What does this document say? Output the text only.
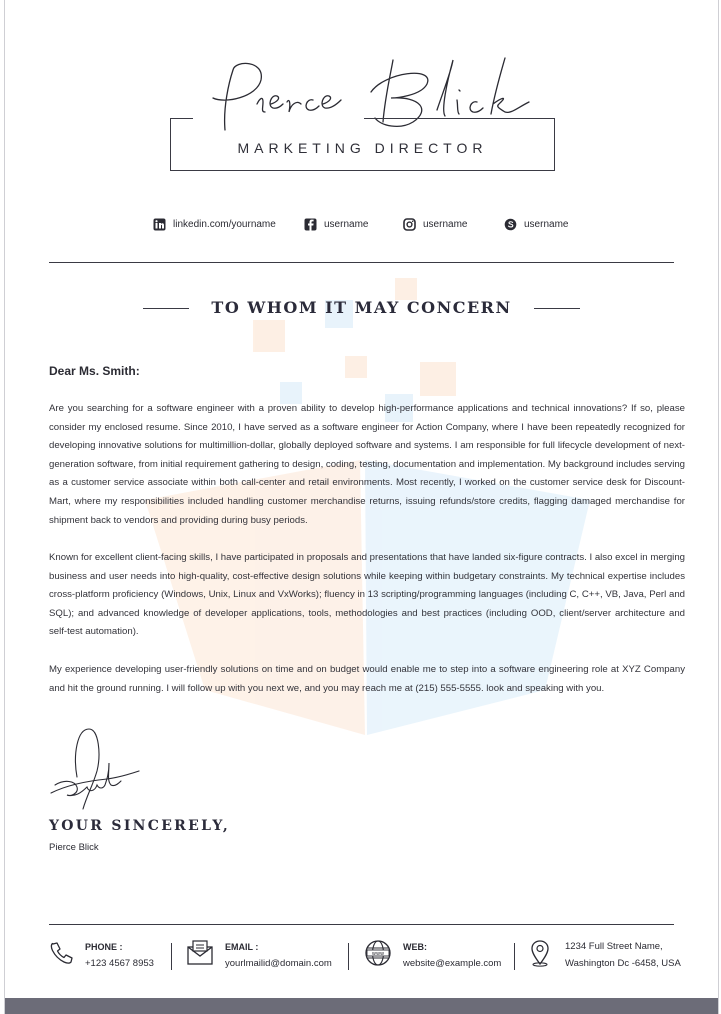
MARKETING DIRECTOR
linkedin.com/yourname	username	username	username
TO WHOM IT MAY CONCERN
Dear Ms. Smith:

Are you searching for a software engineer with a proven ability to develop high-performance applications and technical innovations? If so, please consider my enclosed resume. Since 2010, I have served as a software engineer for Action Company, where I have been repeatedly recognized for developing innovative solutions for multimillion-dollar, globally deployed software and systems. I am responsible for full lifecycle development of next-generation software, from initial requirement gathering to design, coding, testing, documentation and implementation. My background includes serving as a customer service associate within both call-center and retail environments. Most recently, I worked on the customer service desk for Discount-Mart, where my responsibilities included handling customer merchandise returns, issuing refunds/store credits, flagging damaged merchandise for shipment back to vendors and providing during busy periods.

Known for excellent client-facing skills, I have participated in proposals and presentations that have landed six-figure contracts. I also excel in merging business and user needs into high-quality, cost-effective design solutions while keeping within budgetary constraints. My technical expertise includes cross-platform proficiency (Windows, Unix, Linux and VxWorks); fluency in 13 scripting/programming languages (including C, C++, VB, Java, Perl and SQL); and advanced knowledge of developer applications, tools, methodologies and best practices (including OOD, client/server architecture and self-test automation).

My experience developing user-friendly solutions on time and on budget would enable me to step into a software engineering role at XYZ Company and hit the ground running. I will follow up with you next we, and you may reach me at (215) 555-5555. look and speaking with you.

YOUR SINCERELY,
Pierce Blick
PHONE :
+123 4567 8953
EMAIL :
yourlmailid@domain.com
www
WEB:
website@example.com
1234 Full Street Name,
Washington Dc -6458, USA
